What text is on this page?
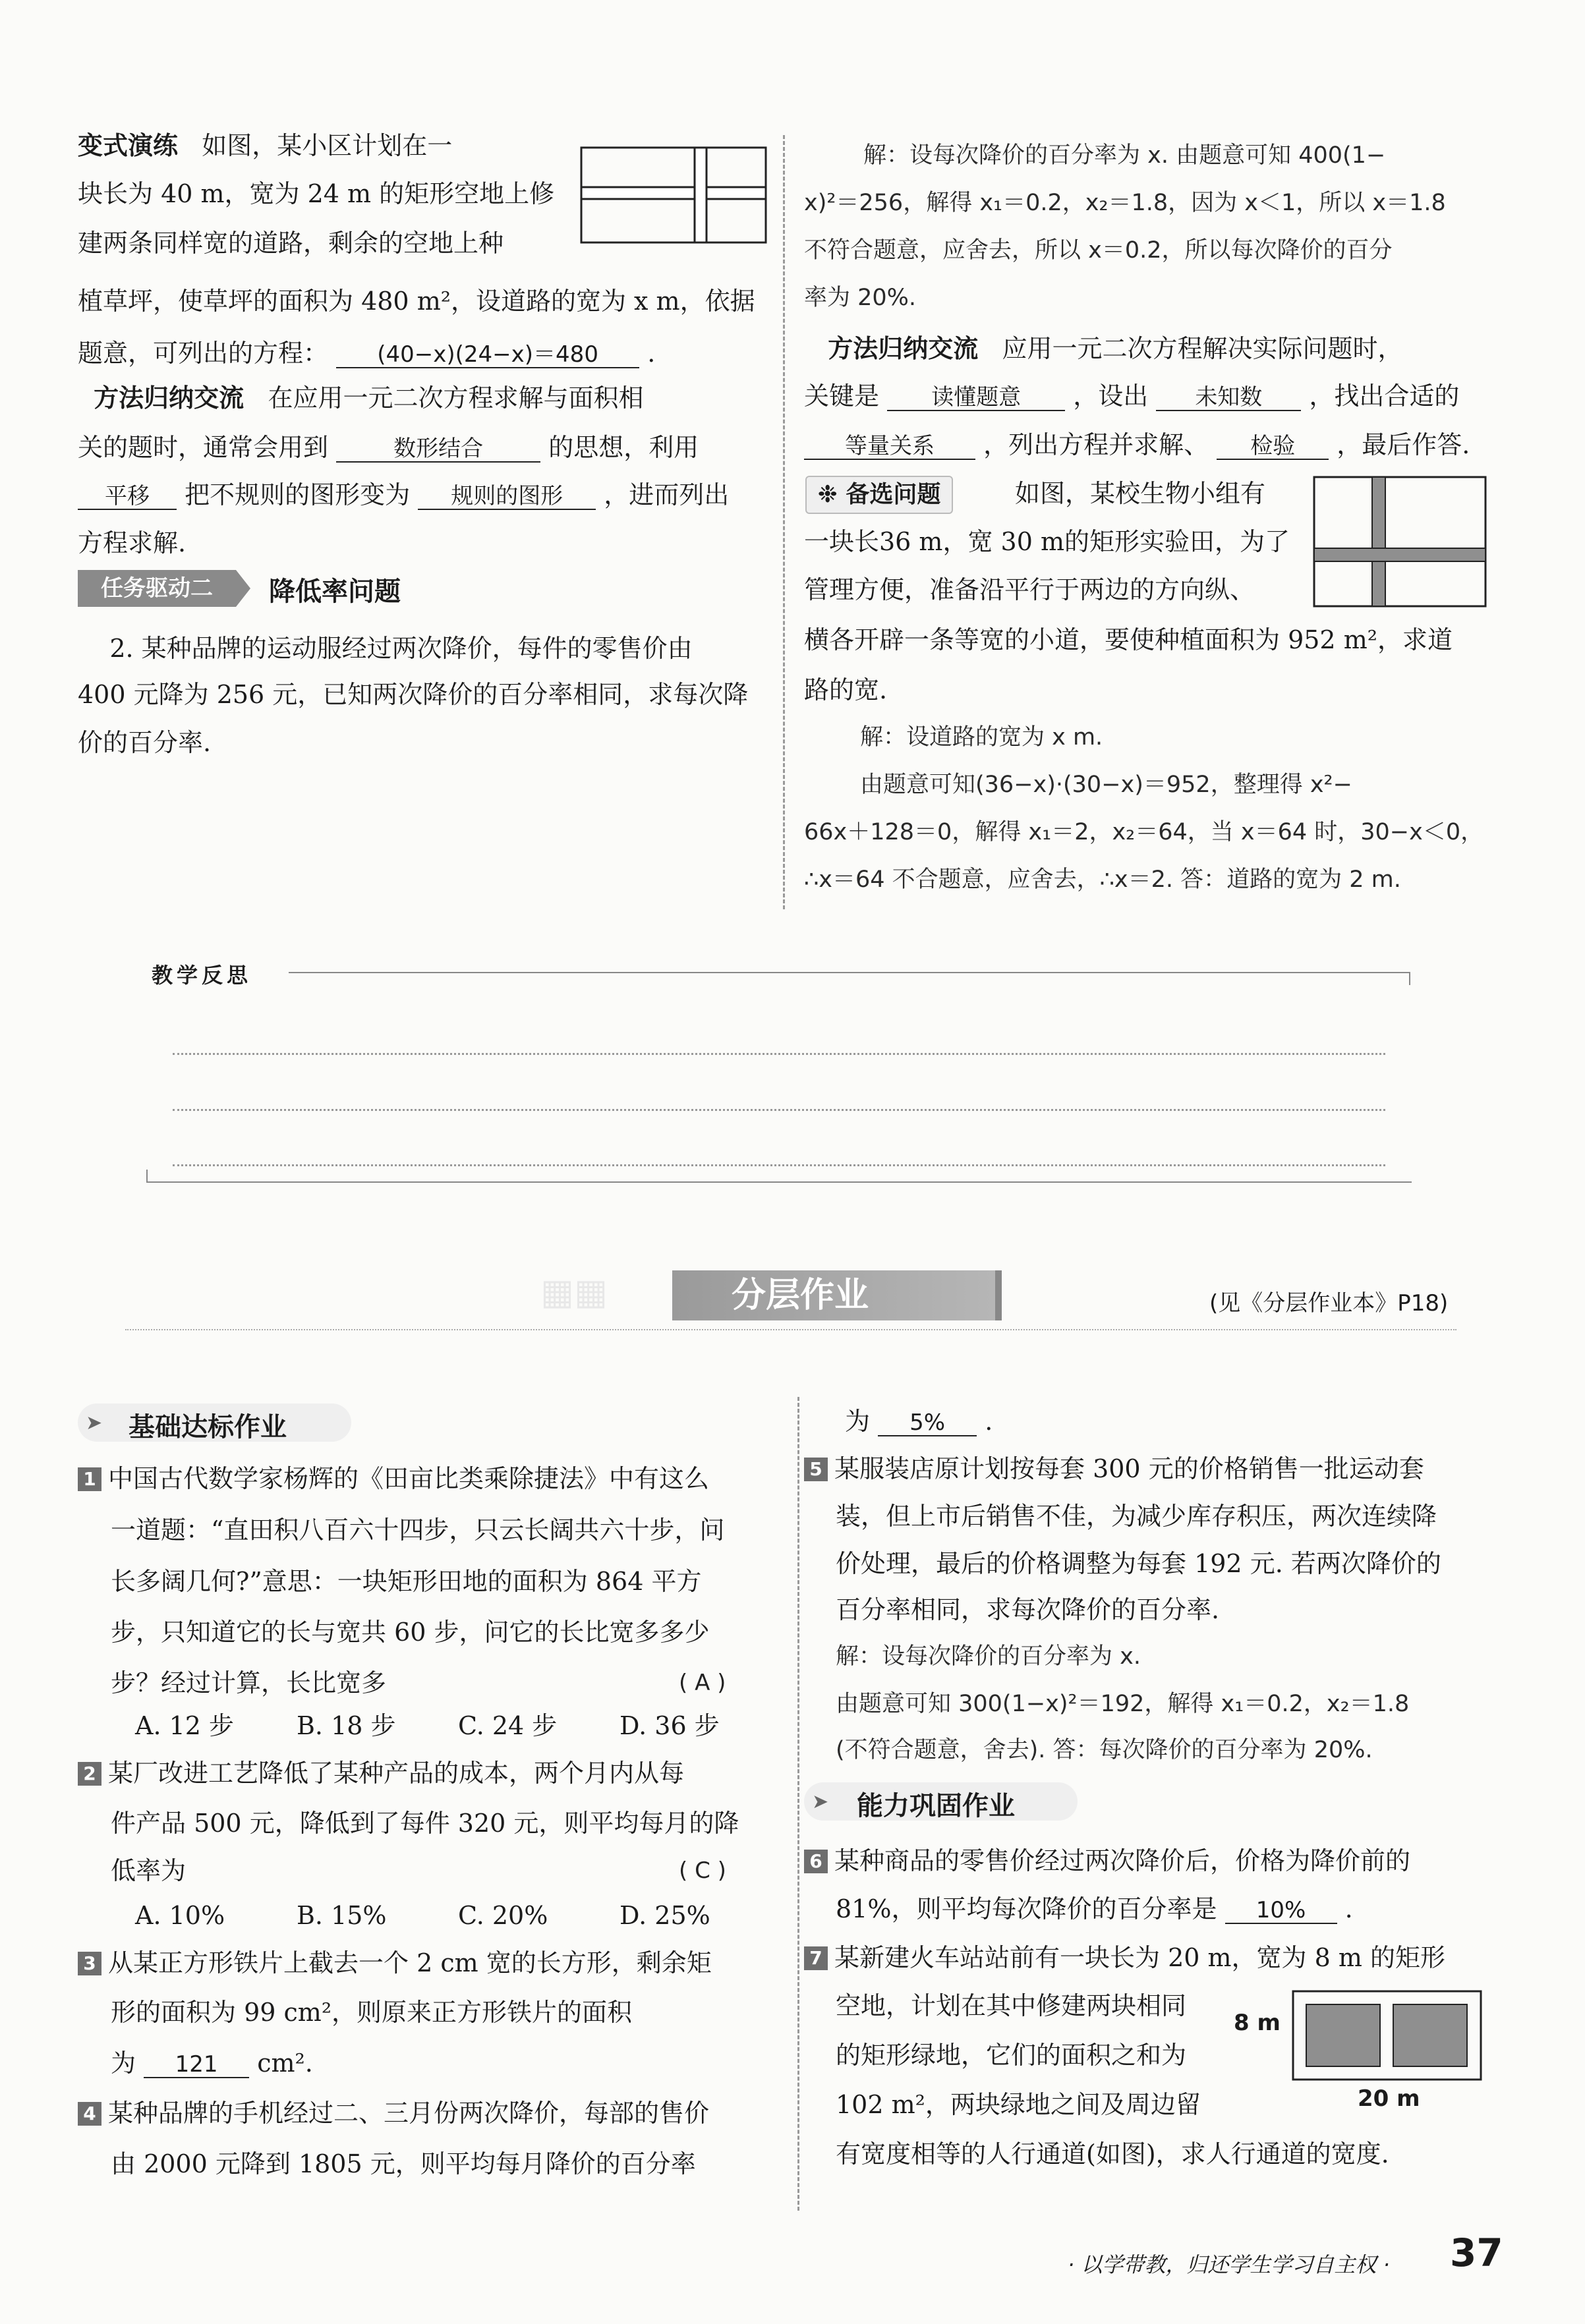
变式演练 如图，某小区计划在一

块长为 40 m，宽为 24 m 的矩形空地上修

建两条同样宽的道路，剩余的空地上种

植草坪，使草坪的面积为 480 m²，设道路的宽为 x m，依据

题意，可列出的方程： (40−x)(24−x)＝480 .

方法归纳交流 在应用一元二次方程求解与面积相

关的题时，通常会用到	数形结合	的思想，利用

平移 把不规则的图形变为 规则的图形 ，进而列出

方程求解.

任务驱动二	降低率问题

2. 某种品牌的运动服经过两次降价，每件的零售价由

400 元降为 256 元，已知两次降价的百分率相同，求每次降

价的百分率.

解：设每次降价的百分率为 x. 由题意可知 400(1−
x)²＝256，解得 x₁＝0.2，x₂＝1.8，因为 x＜1，所以 x＝1.8
不符合题意，应舍去，所以 x＝0.2，所以每次降价的百分
率为 20%.

方法归纳交流 应用一元二次方程解决实际问题时，

关键是 读懂题意 ，设出 未知数 ，找出合适的

等量关系 ，列出方程并求解、 检验 ，最后作答.

❉ 备选问题	如图，某校生物小组有

一块长36 m，宽 30 m的矩形实验田，为了

管理方便，准备沿平行于两边的方向纵、

横各开辟一条等宽的小道，要使种植面积为 952 m²，求道

路的宽.

解：设道路的宽为 x m.
由题意可知(36−x)·(30−x)＝952，整理得 x²−
66x＋128＝0，解得 x₁＝2，x₂＝64，当 x＝64 时，30−x＜0，
∴x＝64 不合题意，应舍去，∴x＝2. 答：道路的宽为 2 m.
教学反思
▦▦	分层作业	(见《分层作业本》P18)
➤ 基础达标作业

1 中国古代数学家杨辉的《田亩比类乘除捷法》中有这么

一道题：“直田积八百六十四步，只云长阔共六十步，问

长多阔几何?”意思：一块矩形田地的面积为 864 平方

步，只知道它的长与宽共 60 步，问它的长比宽多多少

步？经过计算，长比宽多	( A )

A. 12 步 B. 18 步 C. 24 步 D. 36 步

2 某厂改进工艺降低了某种产品的成本，两个月内从每

件产品 500 元，降低到了每件 320 元，则平均每月的降

低率为	( C )

A. 10%	B. 15%	C. 20%	D. 25%

3 从某正方形铁片上截去一个 2 cm 宽的长方形，剩余矩

形的面积为 99 cm²，则原来正方形铁片的面积

为 121 cm².

4 某种品牌的手机经过二、三月份两次降价，每部的售价

由 2000 元降到 1805 元，则平均每月降价的百分率

为 5% .

5 某服装店原计划按每套 300 元的价格销售一批运动套

装，但上市后销售不佳，为减少库存积压，两次连续降

价处理，最后的价格调整为每套 192 元. 若两次降价的

百分率相同，求每次降价的百分率.

解：设每次降价的百分率为 x.
由题意可知 300(1−x)²＝192，解得 x₁＝0.2，x₂＝1.8
(不符合题意，舍去). 答：每次降价的百分率为 20%.
➤ 能力巩固作业

6 某种商品的零售价经过两次降价后，价格为降价前的

81%，则平均每次降价的百分率是 10% .

7 某新建火车站站前有一块长为 20 m，宽为 8 m 的矩形

空地，计划在其中修建两块相同

的矩形绿地，它们的面积之和为

102 m²，两块绿地之间及周边留

有宽度相等的人行通道(如图)，求人行通道的宽度.

8 m
20 m
· 以学带教，归还学生学习自主权 · 37
